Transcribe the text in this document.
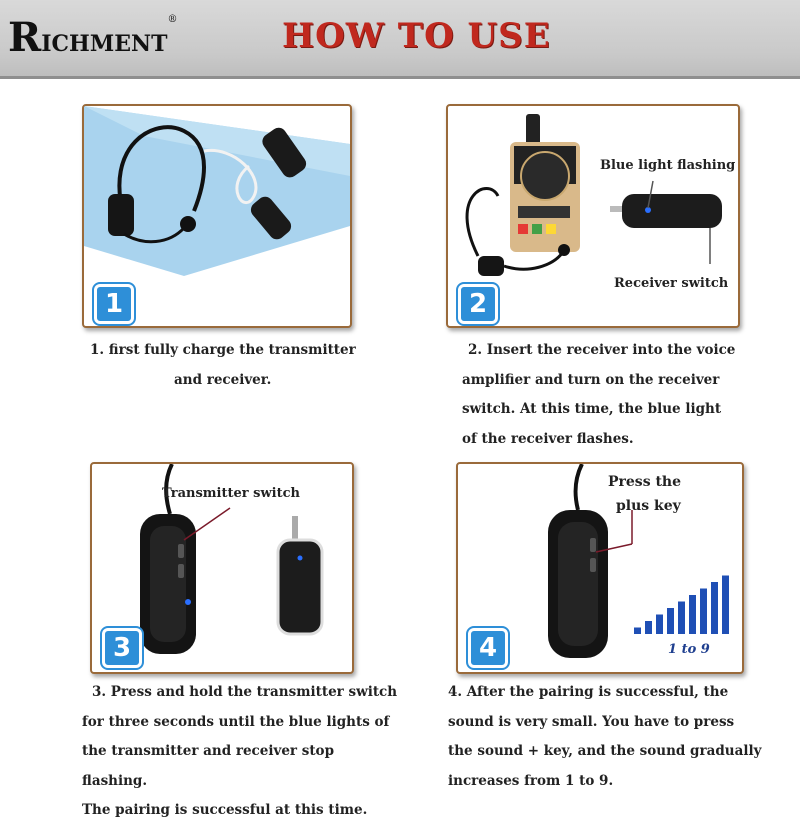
RICHMENT®	HOW TO USE
1
1. first fully charge the transmitter
and receiver.
Blue light flashing
Receiver switch
2
2. Insert the receiver into the voice
amplifier and turn on the receiver
switch. At this time, the blue light
of the receiver flashes.
Transmitter switch
3
3. Press and hold the transmitter switch
for three seconds until the blue lights of
the transmitter and receiver stop flashing.
The pairing is successful at this time.
Press the
plus key
1 to 9
4
4. After the pairing is successful, the
sound is very small. You have to press
the sound + key, and the sound gradually
increases from 1 to 9.
